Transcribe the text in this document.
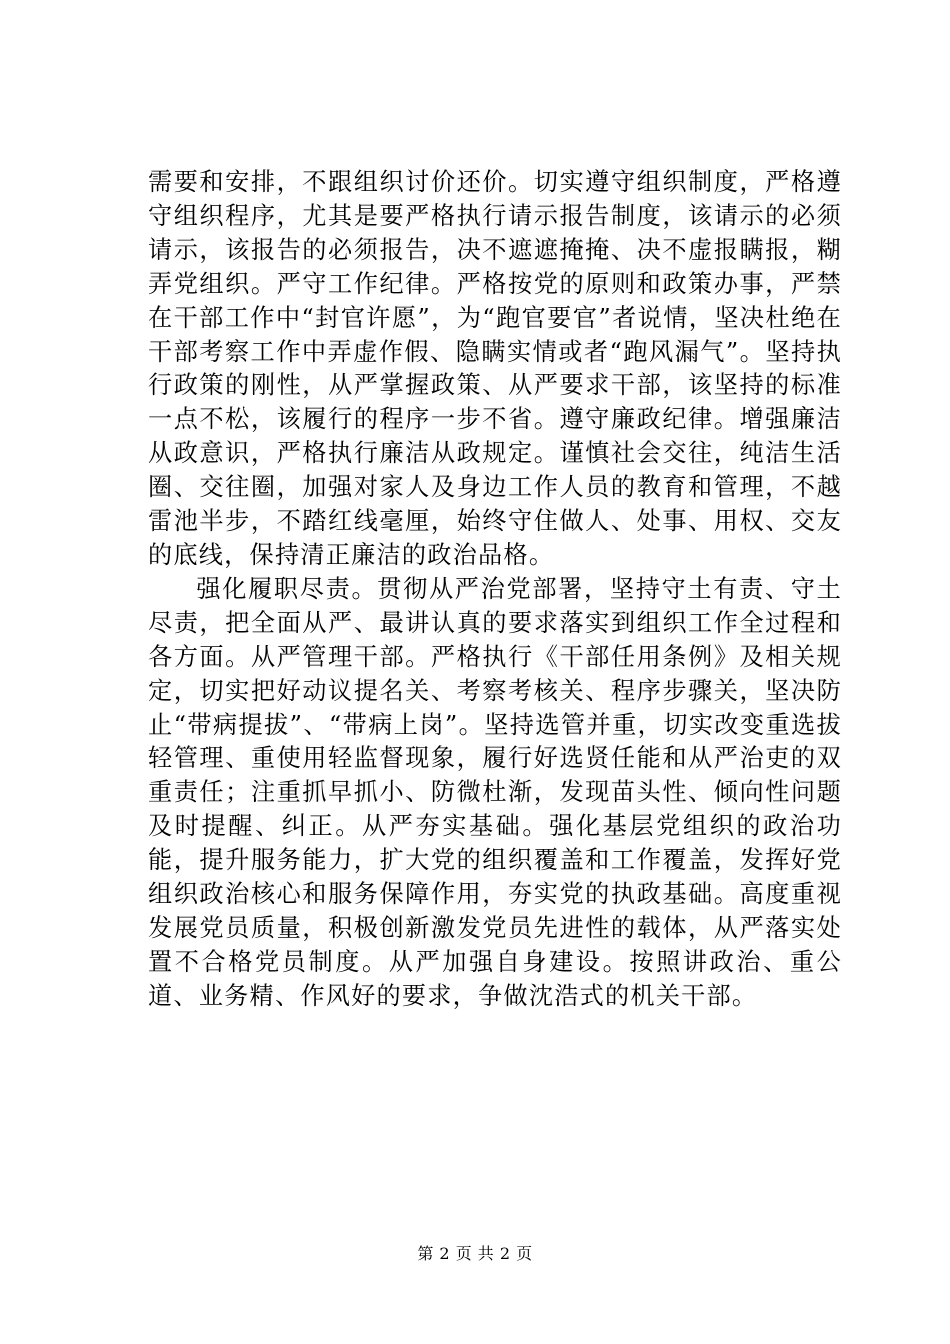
需要和安排，不跟组织讨价还价。切实遵守组织制度，严格遵守组织程序，尤其是要严格执行请示报告制度，该请示的必须请示，该报告的必须报告，决不遮遮掩掩、决不虚报瞒报，糊弄党组织。严守工作纪律。严格按党的原则和政策办事，严禁在干部工作中“封官许愿”，为“跑官要官”者说情，坚决杜绝在干部考察工作中弄虚作假、隐瞒实情或者“跑风漏气”。坚持执行政策的刚性，从严掌握政策、从严要求干部，该坚持的标准一点不松，该履行的程序一步不省。遵守廉政纪律。增强廉洁从政意识，严格执行廉洁从政规定。谨慎社会交往，纯洁生活圈、交往圈，加强对家人及身边工作人员的教育和管理，不越雷池半步，不踏红线毫厘，始终守住做人、处事、用权、交友的底线，保持清正廉洁的政治品格。

强化履职尽责。贯彻从严治党部署，坚持守土有责、守土尽责，把全面从严、最讲认真的要求落实到组织工作全过程和各方面。从严管理干部。严格执行《干部任用条例》及相关规定，切实把好动议提名关、考察考核关、程序步骤关，坚决防止“带病提拔”、“带病上岗”。坚持选管并重，切实改变重选拔轻管理、重使用轻监督现象，履行好选贤任能和从严治吏的双重责任；注重抓早抓小、防微杜渐，发现苗头性、倾向性问题及时提醒、纠正。从严夯实基础。强化基层党组织的政治功能，提升服务能力，扩大党的组织覆盖和工作覆盖，发挥好党组织政治核心和服务保障作用，夯实党的执政基础。高度重视发展党员质量，积极创新激发党员先进性的载体，从严落实处置不合格党员制度。从严加强自身建设。按照讲政治、重公道、业务精、作风好的要求，争做沈浩式的机关干部。

第 2 页 共 2 页
